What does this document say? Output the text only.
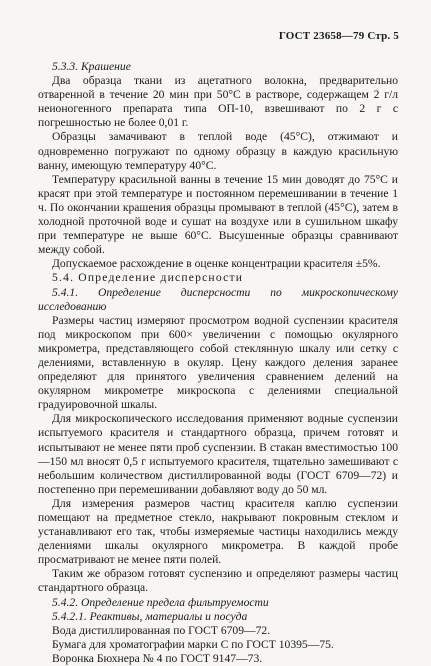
ГОСТ 23658—79 Стр. 5

5.3.3. Крашение

Два образца ткани из ацетатного волокна, предварительно отваренной в течение 20 мин при 50°С в растворе, содержащем 2 г/л неионогенного препарата типа ОП-10, взвешивают по 2 г с погрешностью не более 0,01 г.

Образцы замачивают в теплой воде (45°С), отжимают и одновременно погружают по одному образцу в каждую красильную ванну, имеющую температуру 40°С.

Температуру красильной ванны в течение 15 мин доводят до 75°С и красят при этой температуре и постоянном перемешивании в течение 1 ч. По окончании крашения образцы промывают в теплой (45°С), затем в холодной проточной воде и сушат на воздухе или в сушильном шкафу при температуре не выше 60°С. Высушенные образцы сравнивают между собой.

Допускаемое расхождение в оценке концентрации красителя ±5%.

5.4. Определение дисперсности

5.4.1. Определение дисперсности по микроскопическому исследованию

Размеры частиц измеряют просмотром водной суспензии красителя под микроскопом при 600× увеличении с помощью окулярного микрометра, представляющего собой стеклянную шкалу или сетку с делениями, вставленную в окуляр. Цену каждого деления заранее определяют для принятого увеличения сравнением делений на окулярном микрометре микроскопа с делениями специальной градуировочной шкалы.

Для микроскопического исследования применяют водные суспензии испытуемого красителя и стандартного образца, причем готовят и испытывают не менее пяти проб суспензии. В стакан вместимостью 100—150 мл вносят 0,5 г испытуемого красителя, тщательно замешивают с небольшим количеством дистиллированной воды (ГОСТ 6709—72) и постепенно при перемешивании добавляют воду до 50 мл.

Для измерения размеров частиц красителя каплю суспензии помещают на предметное стекло, накрывают покровным стеклом и устанавливают его так, чтобы измеряемые частицы находились между делениями шкалы окулярного микрометра. В каждой пробе просматривают не менее пяти полей.

Таким же образом готовят суспензию и определяют размеры частиц стандартного образца.

5.4.2. Определение предела фильтруемости

5.4.2.1. Реактивы, материалы и посуда

Вода дистиллированная по ГОСТ 6709—72.

Бумага для хроматографии марки С по ГОСТ 10395—75.

Воронка Бюхнера № 4 по ГОСТ 9147—73.
